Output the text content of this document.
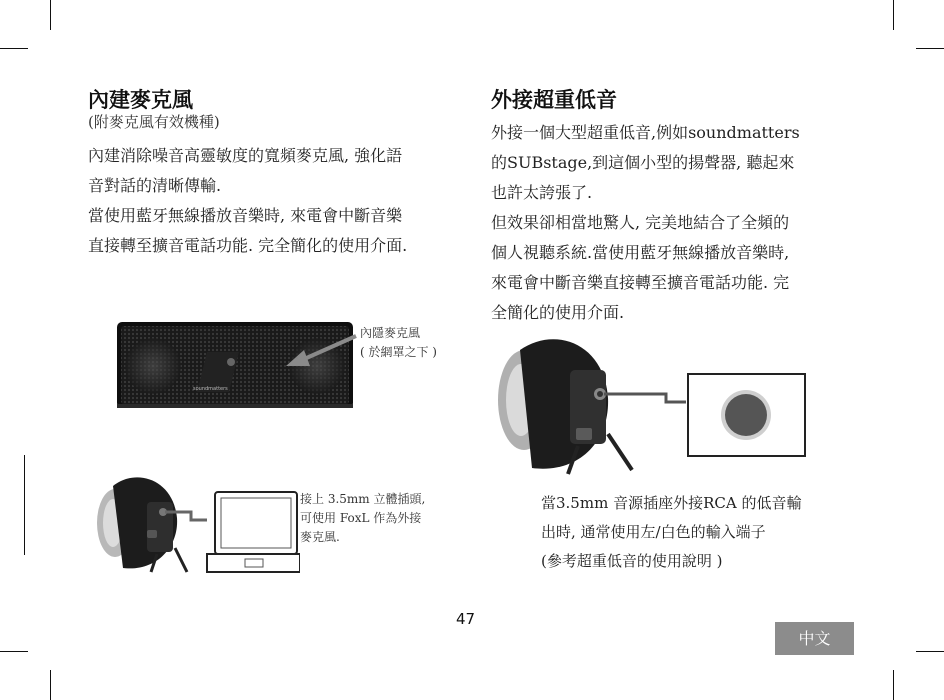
內建麥克風
(附麥克風有效機種)
內建消除噪音高靈敏度的寬頻麥克風, 強化語
音對話的清晰傳輸.
當使用藍牙無線播放音樂時, 來電會中斷音樂
直接轉至擴音電話功能. 完全簡化的使用介面.
soundmatters
內隱麥克風
( 於網罩之下 )
接上 3.5mm 立體插頭,
可使用 FoxL 作為外接
麥克風.
外接超重低音
外接一個大型超重低音,例如soundmatters
的SUBstage,到這個小型的揚聲器, 聽起來
也許太誇張了.
但效果卻相當地驚人, 完美地結合了全頻的
個人視聽系統.當使用藍牙無線播放音樂時,
來電會中斷音樂直接轉至擴音電話功能. 完
全簡化的使用介面.
當3.5mm 音源插座外接RCA 的低音輸
出時, 通常使用左/白色的輸入端子
(參考超重低音的使用說明 )
47
中文
